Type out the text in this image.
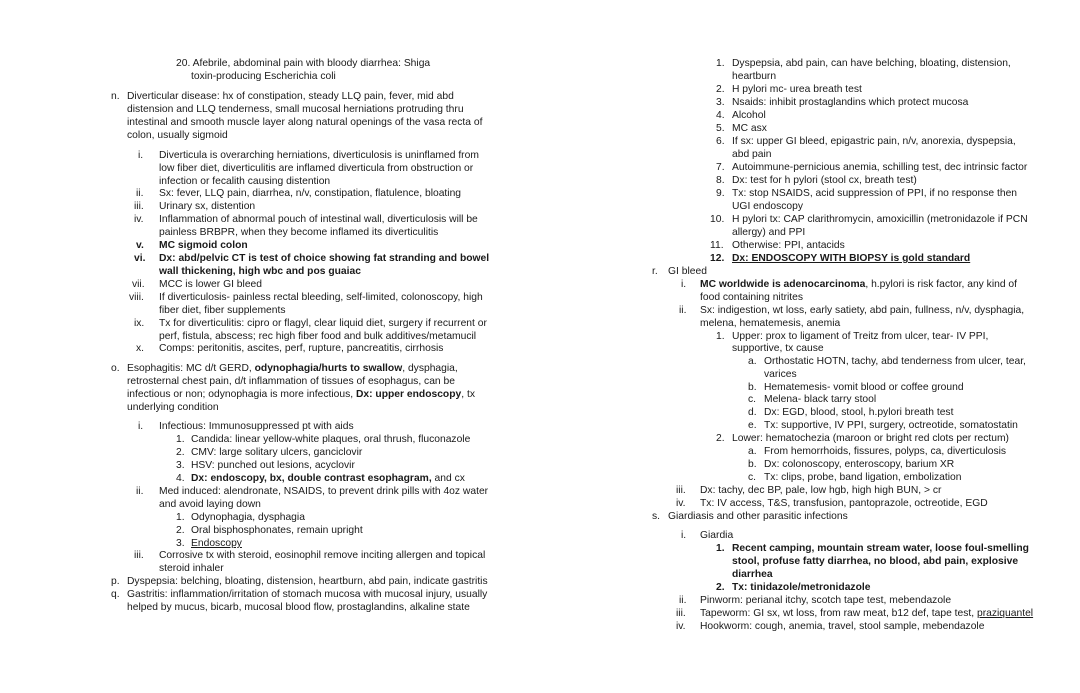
20. Afebrile, abdominal pain with bloody diarrhea: Shiga
toxin-producing Escherichia coli
n. Diverticular disease: hx of constipation, steady LLQ pain, fever, mid abd
distension and LLQ tenderness, small mucosal herniations protruding thru
intestinal and smooth muscle layer along natural openings of the vasa recta of
colon, usually sigmoid
i. Diverticula is overarching herniations, diverticulosis is uninflamed from
low fiber diet, diverticulitis are inflamed diverticula from obstruction or
infection or fecalith causing distention
ii. Sx: fever, LLQ pain, diarrhea, n/v, constipation, flatulence, bloating
iii. Urinary sx, distention
iv. Inflammation of abnormal pouch of intestinal wall, diverticulosis will be
painless BRBPR, when they become inflamed its diverticulitis
v. MC sigmoid colon
vi. Dx: abd/pelvic CT is test of choice showing fat stranding and bowel
wall thickening, high wbc and pos guaiac
vii. MCC is lower GI bleed
viii. If diverticulosis- painless rectal bleeding, self-limited, colonoscopy, high
fiber diet, fiber supplements
ix. Tx for diverticulitis: cipro or flagyl, clear liquid diet, surgery if recurrent or
perf, fistula, abscess; rec high fiber food and bulk additives/metamucil
x. Comps: peritonitis, ascites, perf, rupture, pancreatitis, cirrhosis
o. Esophagitis: MC d/t GERD, odynophagia/hurts to swallow, dysphagia,
retrosternal chest pain, d/t inflammation of tissues of esophagus, can be
infectious or non; odynophagia is more infectious, Dx: upper endoscopy, tx
underlying condition
i. Infectious: Immunosuppressed pt with aids
1. Candida: linear yellow-white plaques, oral thrush, fluconazole
2. CMV: large solitary ulcers, ganciclovir
3. HSV: punched out lesions, acyclovir
4. Dx: endoscopy, bx, double contrast esophagram, and cx
ii. Med induced: alendronate, NSAIDS, to prevent drink pills with 4oz water
and avoid laying down
1. Odynophagia, dysphagia
2. Oral bisphosphonates, remain upright
3. Endoscopy
iii. Corrosive tx with steroid, eosinophil remove inciting allergen and topical
steroid inhaler
p. Dyspepsia: belching, bloating, distension, heartburn, abd pain, indicate gastritis
q. Gastritis: inflammation/irritation of stomach mucosa with mucosal injury, usually
helped by mucus, bicarb, mucosal blood flow, prostaglandins, alkaline state
1. Dyspepsia, abd pain, can have belching, bloating, distension,
heartburn
2. H pylori mc- urea breath test
3. Nsaids: inhibit prostaglandins which protect mucosa
4. Alcohol
5. MC asx
6. If sx: upper GI bleed, epigastric pain, n/v, anorexia, dyspepsia,
abd pain
7. Autoimmune-pernicious anemia, schilling test, dec intrinsic factor
8. Dx: test for h pylori (stool cx, breath test)
9. Tx: stop NSAIDS, acid suppression of PPI, if no response then
UGI endoscopy
10. H pylori tx: CAP clarithromycin, amoxicillin (metronidazole if PCN
allergy) and PPI
11. Otherwise: PPI, antacids
12. Dx: ENDOSCOPY WITH BIOPSY is gold standard
r. GI bleed
i. MC worldwide is adenocarcinoma, h.pylori is risk factor, any kind of
food containing nitrites
ii. Sx: indigestion, wt loss, early satiety, abd pain, fullness, n/v, dysphagia,
melena, hematemesis, anemia
1. Upper: prox to ligament of Treitz from ulcer, tear- IV PPI,
supportive, tx cause
a. Orthostatic HOTN, tachy, abd tenderness from ulcer, tear,
varices
b. Hematemesis- vomit blood or coffee ground
c. Melena- black tarry stool
d. Dx: EGD, blood, stool, h.pylori breath test
e. Tx: supportive, IV PPI, surgery, octreotide, somatostatin
2. Lower: hematochezia (maroon or bright red clots per rectum)
a. From hemorrhoids, fissures, polyps, ca, diverticulosis
b. Dx: colonoscopy, enteroscopy, barium XR
c. Tx: clips, probe, band ligation, embolization
iii. Dx: tachy, dec BP, pale, low hgb, high high BUN, > cr
iv. Tx: IV access, T&S, transfusion, pantoprazole, octreotide, EGD
s. Giardiasis and other parasitic infections
i. Giardia
1. Recent camping, mountain stream water, loose foul-smelling
stool, profuse fatty diarrhea, no blood, abd pain, explosive
diarrhea
2. Tx: tinidazole/metronidazole
ii. Pinworm: perianal itchy, scotch tape test, mebendazole
iii. Tapeworm: GI sx, wt loss, from raw meat, b12 def, tape test, praziquantel
iv. Hookworm: cough, anemia, travel, stool sample, mebendazole
